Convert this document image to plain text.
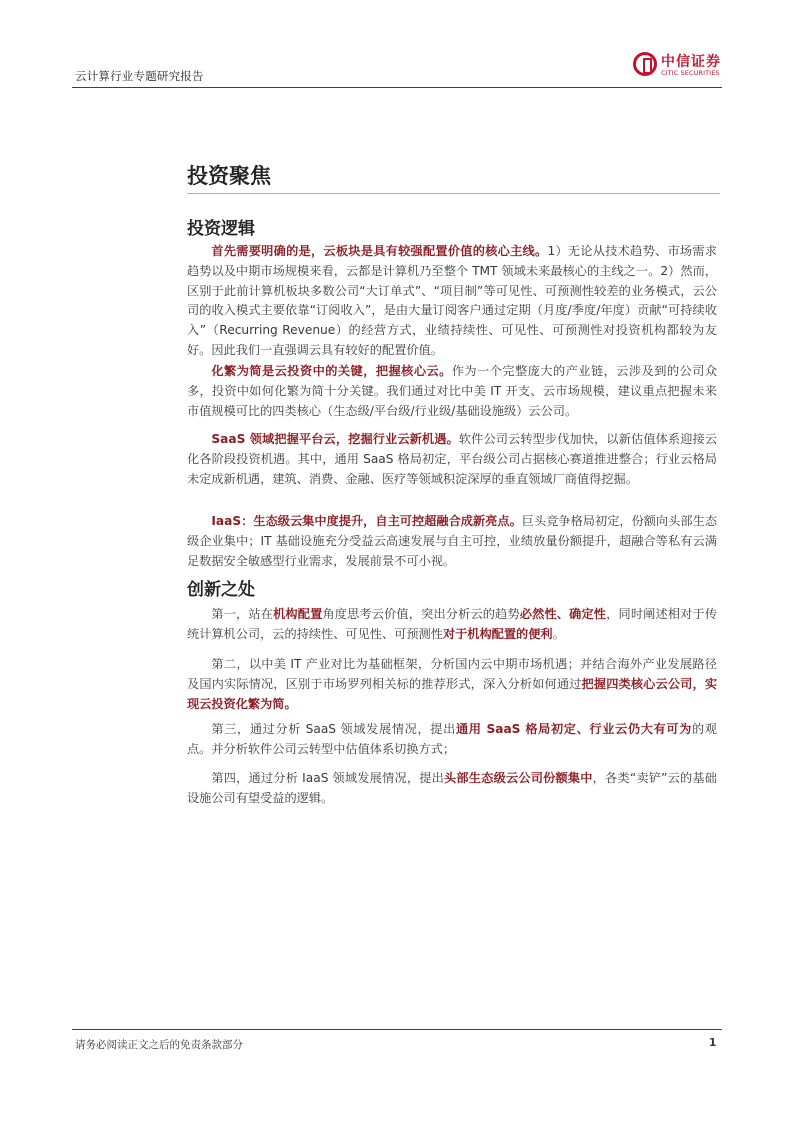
云计算行业专题研究报告
中信证券
CITIC SECURITIES
投资聚焦
投资逻辑

首先需要明确的是，云板块是具有较强配置价值的核心主线。1）无论从技术趋势、市场需求趋势以及中期市场规模来看，云都是计算机乃至整个 TMT 领域未来最核心的主线之一。2）然而，区别于此前计算机板块多数公司“大订单式”、“项目制”等可见性、可预测性较差的业务模式，云公司的收入模式主要依靠“订阅收入”，是由大量订阅客户通过定期（月度/季度/年度）贡献“可持续收入”（Recurring Revenue）的经营方式，业绩持续性、可见性、可预测性对投资机构都较为友好。因此我们一直强调云具有较好的配置价值。

化繁为简是云投资中的关键，把握核心云。作为一个完整庞大的产业链，云涉及到的公司众多，投资中如何化繁为简十分关键。我们通过对比中美 IT 开支、云市场规模，建议重点把握未来市值规模可比的四类核心（生态级/平台级/行业级/基础设施级）云公司。

SaaS 领域把握平台云，挖掘行业云新机遇。软件公司云转型步伐加快，以新估值体系迎接云化各阶段投资机遇。其中，通用 SaaS 格局初定，平台级公司占据核心赛道推进整合；行业云格局未定成新机遇，建筑、消费、金融、医疗等领域积淀深厚的垂直领域厂商值得挖掘。

IaaS：生态级云集中度提升，自主可控超融合成新亮点。巨头竞争格局初定，份额向头部生态级企业集中；IT 基础设施充分受益云高速发展与自主可控，业绩放量份额提升，超融合等私有云满足数据安全敏感型行业需求，发展前景不可小视。

创新之处

第一，站在机构配置角度思考云价值，突出分析云的趋势必然性、确定性，同时阐述相对于传统计算机公司，云的持续性、可见性、可预测性对于机构配置的便利。

第二，以中美 IT 产业对比为基础框架，分析国内云中期市场机遇；并结合海外产业发展路径及国内实际情况，区别于市场罗列相关标的推荐形式，深入分析如何通过把握四类核心云公司，实现云投资化繁为简。

第三，通过分析 SaaS 领域发展情况，提出通用 SaaS 格局初定、行业云仍大有可为的观点。并分析软件公司云转型中估值体系切换方式；

第四，通过分析 IaaS 领域发展情况，提出头部生态级云公司份额集中，各类“卖铲”云的基础设施公司有望受益的逻辑。

请务必阅读正文之后的免责条款部分	1
